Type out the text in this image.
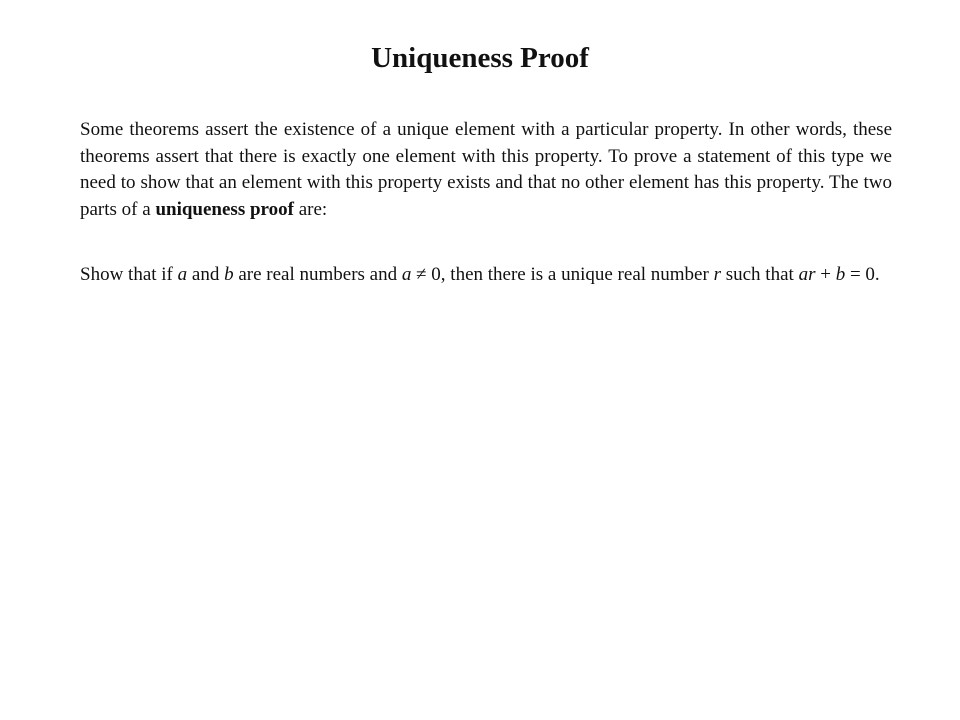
Uniqueness Proof

Some theorems assert the existence of a unique element with a particular property. In other words, these theorems assert that there is exactly one element with this property. To prove a statement of this type we need to show that an element with this property exists and that no other element has this property. The two parts of a uniqueness proof are:

Show that if a and b are real numbers and a ≠ 0, then there is a unique real number r such that ar + b = 0.
